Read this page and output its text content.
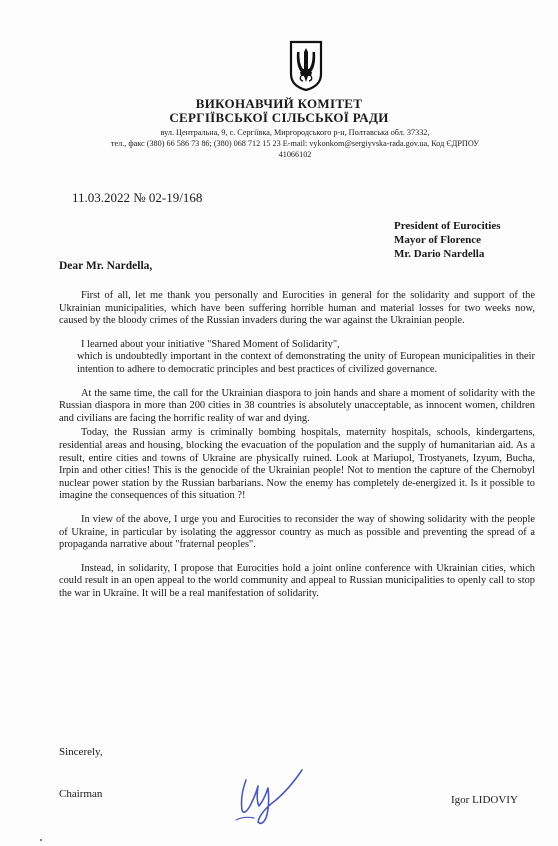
ВИКОНАВЧИЙ КОМІТЕТ
СЕРГІЇВСЬКОЇ СІЛЬСЬКОЇ РАДИ
вул. Центральна, 9, с. Сергіївка, Миргородського р-н, Полтавська обл. 37332,
тел., факс (380) 66 586 73 86; (380) 068 712 15 23 E-mail: vykonkom@sergiyvska-rada.gov.ua, Код ЄДРПОУ
41066102
11.03.2022 № 02-19/168
President of Eurocities
Mayor of Florence
Mr. Dario Nardella
Dear Mr. Nardella,

First of all, let me thank you personally and Eurocities in general for the solidarity and support of the Ukrainian municipalities, which have been suffering horrible human and material losses for two weeks now, caused by the bloody crimes of the Russian invaders during the war against the Ukrainian people.

I learned about your initiative "Shared Moment of Solidarity",

which is undoubtedly important in the context of demonstrating the unity of European municipalities in their intention to adhere to democratic principles and best practices of civilized governance.

At the same time, the call for the Ukrainian diaspora to join hands and share a moment of solidarity with the Russian diaspora in more than 200 cities in 38 countries is absolutely unacceptable, as innocent women, children and civilians are facing the horrific reality of war and dying.

Today, the Russian army is criminally bombing hospitals, maternity hospitals, schools, kindergartens, residential areas and housing, blocking the evacuation of the population and the supply of humanitarian aid. As a result, entire cities and towns of Ukraine are physically ruined. Look at Mariupol, Trostyanets, Izyum, Bucha, Irpin and other cities! This is the genocide of the Ukrainian people! Not to mention the capture of the Chernobyl nuclear power station by the Russian barbarians. Now the enemy has completely de-energized it. Is it possible to imagine the consequences of this situation ?!

In view of the above, I urge you and Eurocities to reconsider the way of showing solidarity with the people of Ukraine, in particular by isolating the aggressor country as much as possible and preventing the spread of a propaganda narrative about "fraternal peoples".

Instead, in solidarity, I propose that Eurocities hold a joint online conference with Ukrainian cities, which could result in an open appeal to the world community and appeal to Russian municipalities to openly call to stop the war in Ukraine. It will be a real manifestation of solidarity.

Sincerely,
Chairman	Igor LIDOVIY
